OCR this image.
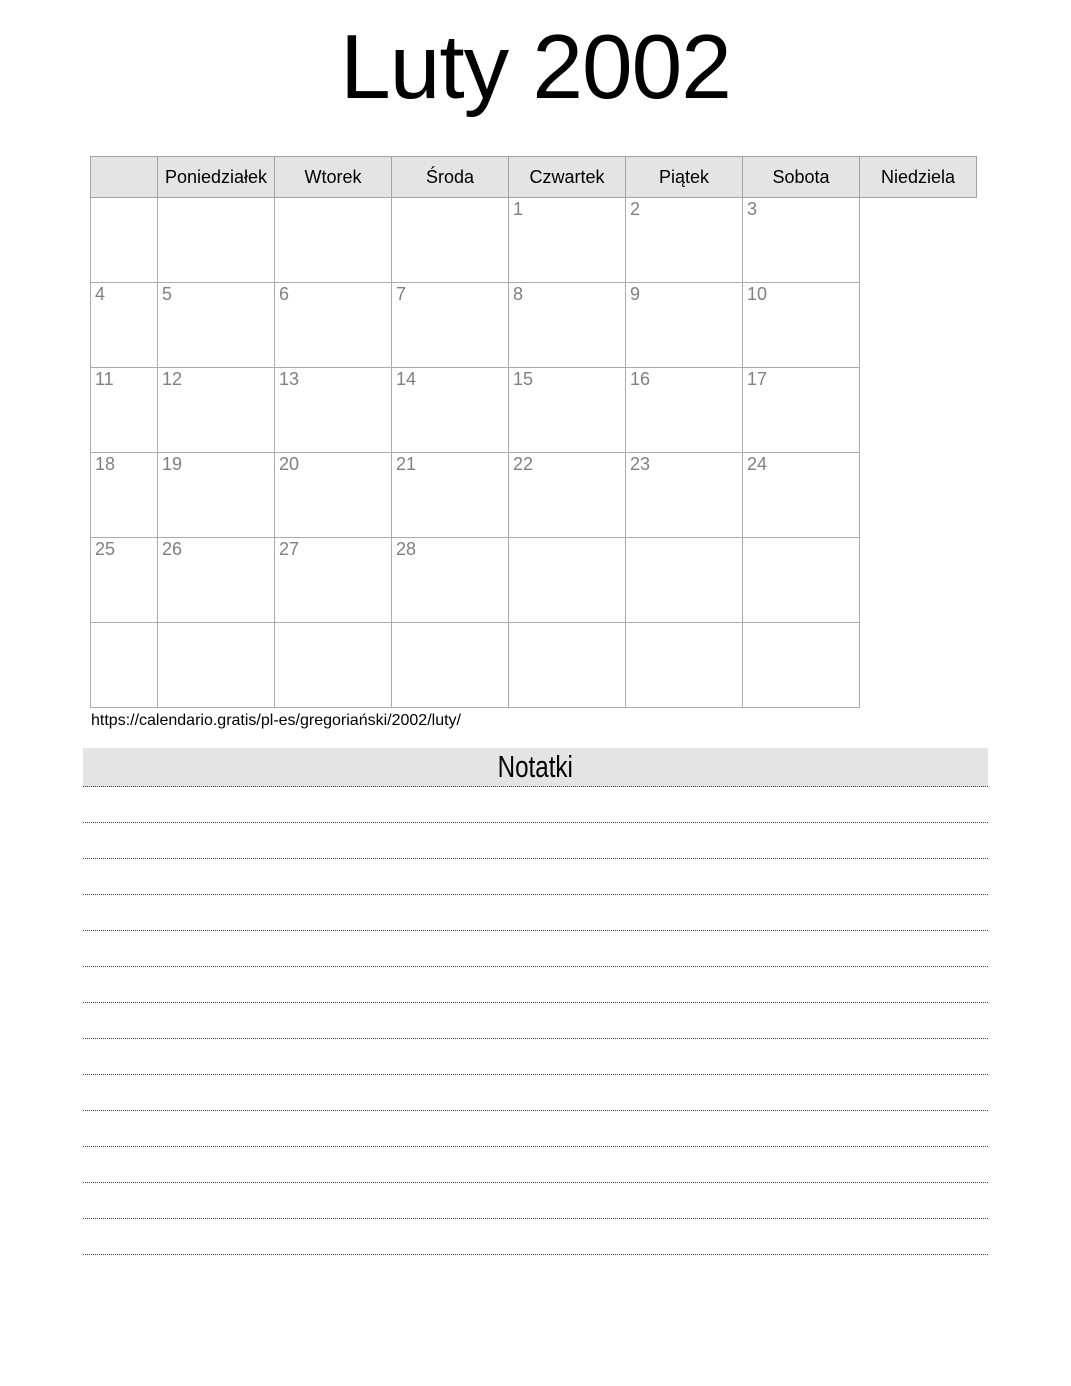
Luty 2002
	Poniedziałek	Wtorek	Środa	Czwartek	Piątek	Sobota	Niedziela
				1	2	3	
4	5	6	7	8	9	10	
11	12	13	14	15	16	17	
18	19	20	21	22	23	24	
25	26	27	28				

https://calendario.gratis/pl-es/gregoriański/2002/luty/
Notatki
